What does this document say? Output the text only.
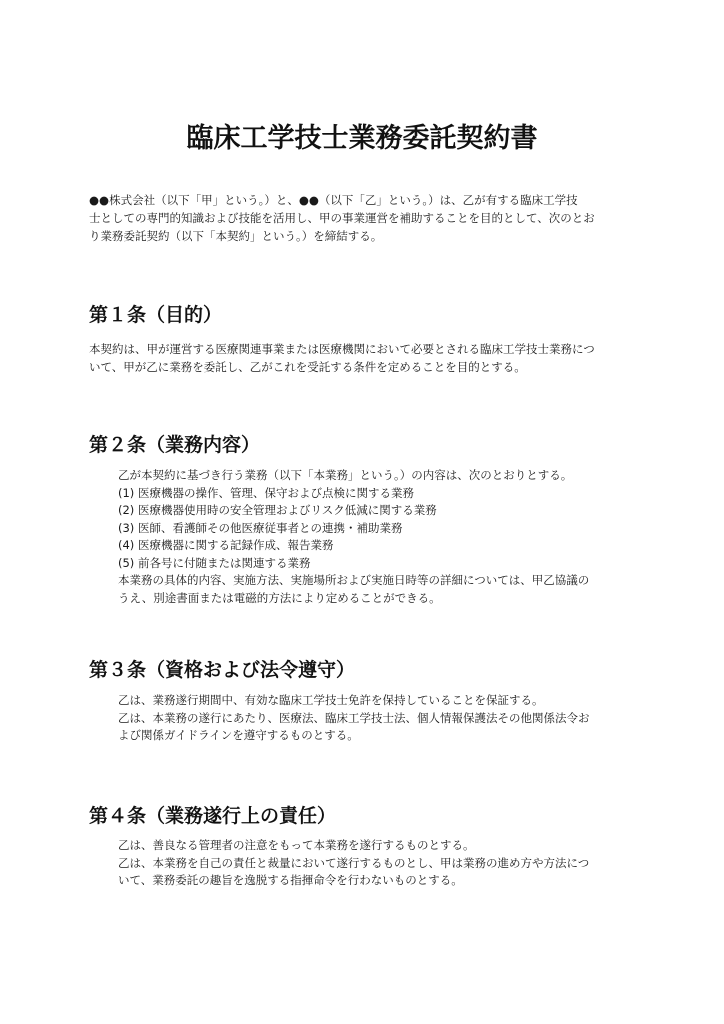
臨床工学技士業務委託契約書
●●株式会社（以下「甲」という。）と、●●（以下「乙」という。）は、乙が有する臨床工学技
士としての専門的知識および技能を活用し、甲の事業運営を補助することを目的として、次のとお
り業務委託契約（以下「本契約」という。）を締結する。
第１条（目的）
本契約は、甲が運営する医療関連事業または医療機関において必要とされる臨床工学技士業務につ
いて、甲が乙に業務を委託し、乙がこれを受託する条件を定めることを目的とする。
第２条（業務内容）
乙が本契約に基づき行う業務（以下「本業務」という。）の内容は、次のとおりとする。
(1) 医療機器の操作、管理、保守および点検に関する業務
(2) 医療機器使用時の安全管理およびリスク低減に関する業務
(3) 医師、看護師その他医療従事者との連携・補助業務
(4) 医療機器に関する記録作成、報告業務
(5) 前各号に付随または関連する業務
本業務の具体的内容、実施方法、実施場所および実施日時等の詳細については、甲乙協議の
うえ、別途書面または電磁的方法により定めることができる。
第３条（資格および法令遵守）
乙は、業務遂行期間中、有効な臨床工学技士免許を保持していることを保証する。
乙は、本業務の遂行にあたり、医療法、臨床工学技士法、個人情報保護法その他関係法令お
よび関係ガイドラインを遵守するものとする。
第４条（業務遂行上の責任）
乙は、善良なる管理者の注意をもって本業務を遂行するものとする。
乙は、本業務を自己の責任と裁量において遂行するものとし、甲は業務の進め方や方法につ
いて、業務委託の趣旨を逸脱する指揮命令を行わないものとする。
